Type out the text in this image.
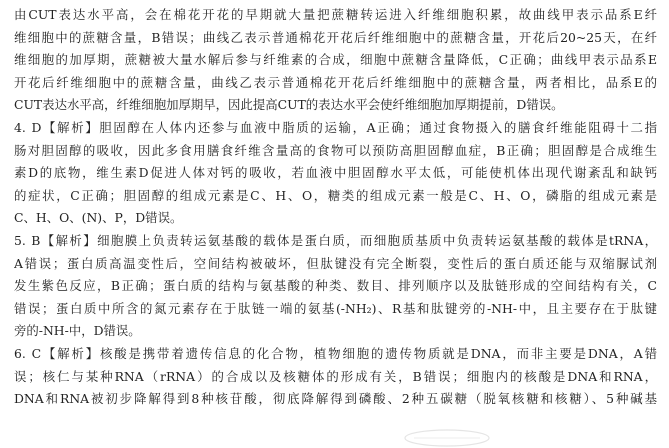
由CUT表达水平高，会在棉花开花的早期就大量把蔗糖转运进入纤维细胞积累，故曲线甲表示品系E纤
维细胞中的蔗糖含量，B错误；曲线乙表示普通棉花开花后纤维细胞中的蔗糖含量，开花后20~25天，在纤
维细胞的加厚期，蔗糖被大量水解后参与纤维素的合成，细胞中蔗糖含量降低，C正确；曲线甲表示品系E
开花后纤维细胞中的蔗糖含量，曲线乙表示普通棉花开花后纤维细胞中的蔗糖含量，两者相比，品系E的
CUT表达水平高，纤维细胞加厚期早，因此提高CUT的表达水平会使纤维细胞加厚期提前，D错误。
4. D【解析】胆固醇在人体内还参与血液中脂质的运输，A正确；通过食物摄入的膳食纤维能阻碍十二指
肠对胆固醇的吸收，因此多食用膳食纤维含量高的食物可以预防高胆固醇血症，B正确；胆固醇是合成维生
素D的底物，维生素D促进人体对钙的吸收，若血液中胆固醇水平太低，可能使机体出现代谢紊乱和缺钙
的症状，C正确；胆固醇的组成元素是C、H、O，糖类的组成元素一般是C、H、O，磷脂的组成元素是
C、H、O、(N)、P，D错误。
5. B【解析】细胞膜上负责转运氨基酸的载体是蛋白质，而细胞质基质中负责转运氨基酸的载体是tRNA，
A错误；蛋白质高温变性后，空间结构被破坏，但肽键没有完全断裂，变性后的蛋白质还能与双缩脲试剂
发生紫色反应，B正确；蛋白质的结构与氨基酸的种类、数目、排列顺序以及肽链形成的空间结构有关，C
错误；蛋白质中所含的氮元素存在于肽链一端的氨基(-NH₂)、R基和肽键旁的-NH-中，且主要存在于肽键
旁的-NH-中，D错误。
6. C【解析】核酸是携带着遗传信息的化合物，植物细胞的遗传物质就是DNA，而非主要是DNA，A错
误；核仁与某种RNA（rRNA）的合成以及核糖体的形成有关，B错误；细胞内的核酸是DNA和RNA，
DNA和RNA被初步降解得到8种核苷酸，彻底降解得到磷酸、2种五碳糖（脱氧核糖和核糖）、5种碱基
